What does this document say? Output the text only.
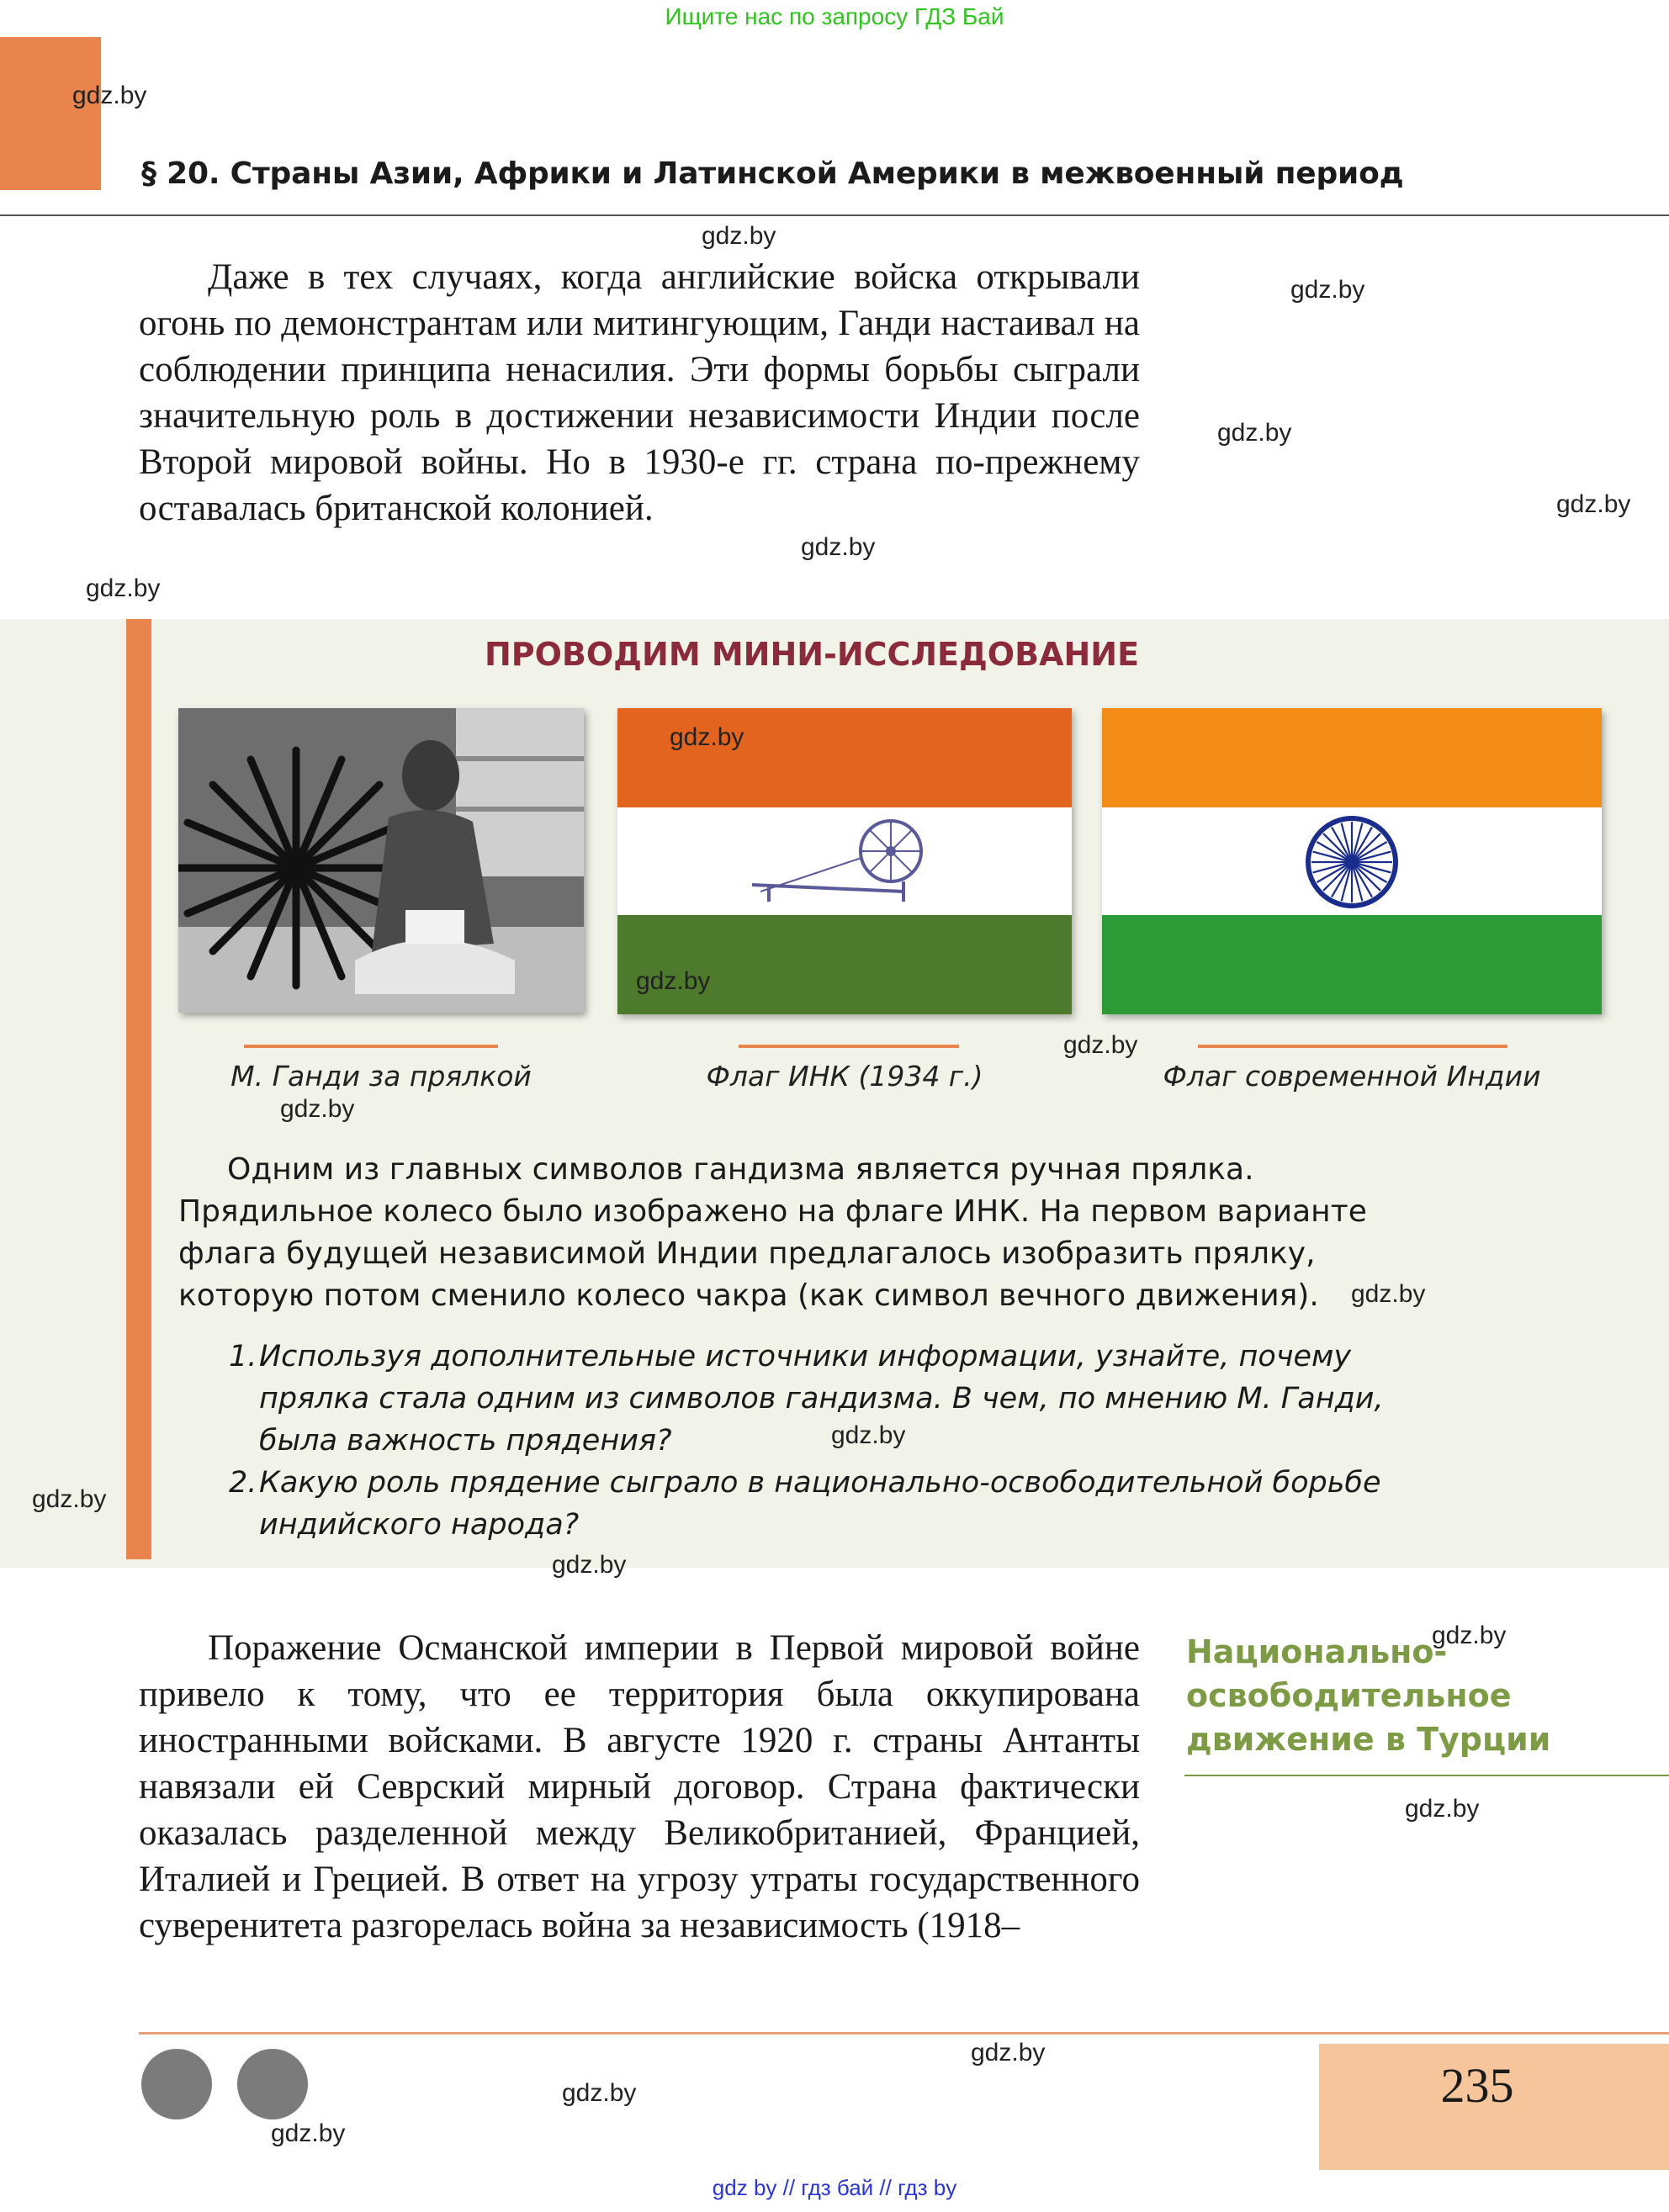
Ищите нас по запросу ГДЗ Бай
§ 20. Страны Азии, Африки и Латинской Америки в межвоенный период

Даже в тех случаях, когда английские войска открывали огонь по демонстрантам или митингующим, Ганди настаивал на соблюдении принципа ненасилия. Эти формы борьбы сыграли значительную роль в достижении независимости Индии после Второй мировой войны. Но в 1930-е гг. страна по-прежнему оставалась британской колонией.

ПРОВОДИМ МИНИ-ИССЛЕДОВАНИЕ
М. Ганди за прялкой	Флаг ИНК (1934 г.)	Флаг современной Индии
Одним из главных символов гандизма является ручная прялка. Прядильное колесо было изображено на флаге ИНК. На первом варианте флага будущей независимой Индии предлагалось изобразить прялку, которую потом сменило колесо чакра (как символ вечного движения).
1. Используя дополнительные источники информации, узнайте, почему прялка стала одним из символов гандизма. В чем, по мнению М. Ганди, была важность прядения?
2. Какую роль прядение сыграло в национально-освободительной борьбе индийского народа?
Национально-освободительное движение в Турции

Поражение Османской империи в Первой мировой войне привело к тому, что ее территория была оккупирована иностранными войсками. В августе 1920 г. страны Антанты навязали ей Севрский мирный договор. Страна фактически оказалась разделенной между Великобританией, Францией, Италией и Грецией. В ответ на угрозу утраты государственного суверенитета разгорелась война за независимость (1918–

235
gdz by // гдз бай // гдз by
gdz.by
gdz.by
gdz.by
gdz.by
gdz.by
gdz.by
gdz.by
gdz.by
gdz.by
gdz.by
gdz.by
gdz.by
gdz.by
gdz.by
gdz.by
gdz.by
gdz.by
gdz.by
gdz.by
gdz.by
